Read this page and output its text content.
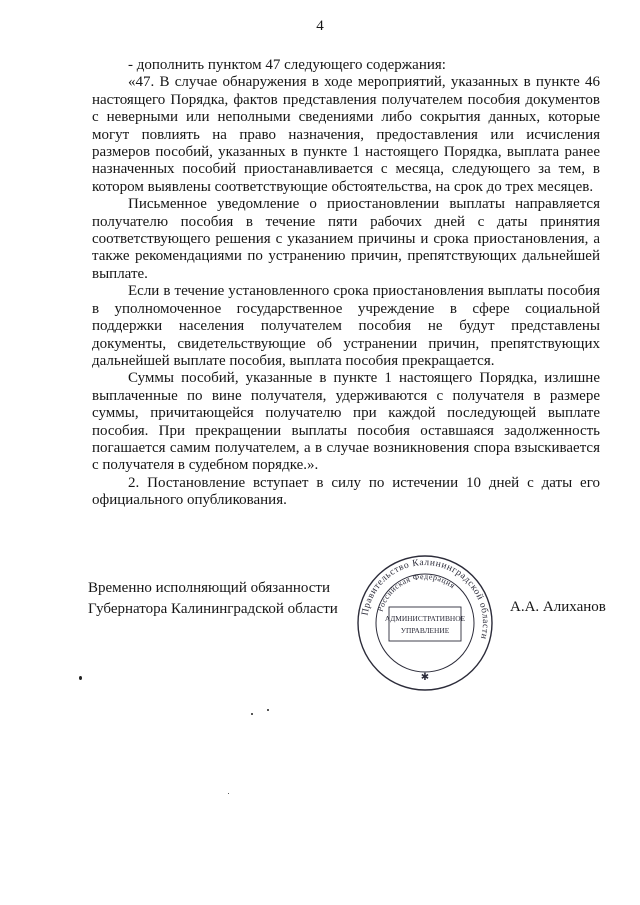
4

- дополнить пунктом 47 следующего содержания:

«47. В случае обнаружения в ходе мероприятий, указанных в пункте 46 настоящего Порядка, фактов представления получателем пособия документов с неверными или неполными сведениями либо сокрытия данных, которые могут повлиять на право назначения, предоставления или исчисления размеров пособий, указанных в пункте 1 настоящего Порядка, выплата ранее назначенных пособий приостанавливается с месяца, следующего за тем, в котором выявлены соответствующие обстоятельства, на срок до трех месяцев.

Письменное уведомление о приостановлении выплаты направляется получателю пособия в течение пяти рабочих дней с даты принятия соответствующего решения с указанием причины и срока приостановления, а также рекомендациями по устранению причин, препятствующих дальнейшей выплате.

Если в течение установленного срока приостановления выплаты пособия в уполномоченное государственное учреждение в сфере социальной поддержки населения получателем пособия не будут представлены документы, свидетельствующие об устранении причин, препятствующих дальнейшей выплате пособия, выплата пособия прекращается.

Суммы пособий, указанные в пункте 1 настоящего Порядка, излишне выплаченные по вине получателя, удерживаются с получателя в размере суммы, причитающейся получателю при каждой последующей выплате пособия. При прекращении выплаты пособия оставшаяся задолженность погашается самим получателем, а в случае возникновения спора взыскивается с получателя в судебном порядке.».

2. Постановление вступает в силу по истечении 10 дней с даты его официального опубликования.

Временно исполняющий обязанности
Губернатора Калининградской области Правительство Калининградской области
Российская Федерация
АДМИНИСТРАТИВНОЕ
УПРАВЛЕНИЕ
✱
А.А. Алиханов
